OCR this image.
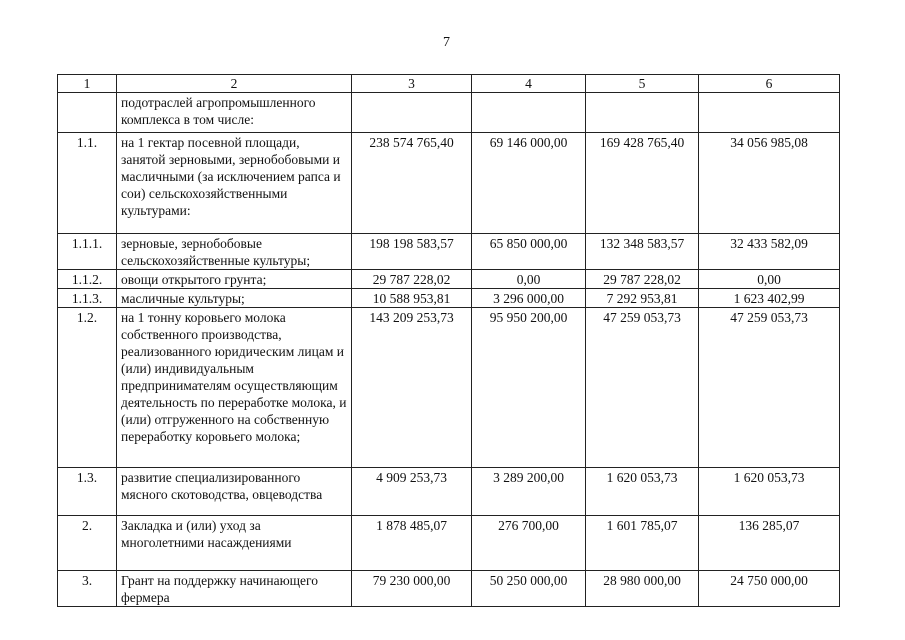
7
1	2	3	4	5	6
	подотраслей агропромышленного комплекса в том числе:				
1.1.	на 1 гектар посевной площади, занятой зерновыми, зернобобовыми и масличными (за исключением рапса и сои) сельскохозяйственными культурами:	238 574 765,40	69 146 000,00	169 428 765,40	34 056 985,08
1.1.1.	зерновые, зернобобовые сельскохозяйственные культуры;	198 198 583,57	65 850 000,00	132 348 583,57	32 433 582,09
1.1.2.	овощи открытого грунта;	29 787 228,02	0,00	29 787 228,02	0,00
1.1.3.	масличные культуры;	10 588 953,81	3 296 000,00	7 292 953,81	1 623 402,99
1.2.	на 1 тонну коровьего молока собственного производства, реализованного юридическим лицам и (или) индивидуальным предпринимателям осуществляющим деятельность по переработке молока, и (или) отгруженного на собственную переработку коровьего молока;	143 209 253,73	95 950 200,00	47 259 053,73	47 259 053,73
1.3.	развитие специализированного мясного скотоводства, овцеводства	4 909 253,73	3 289 200,00	1 620 053,73	1 620 053,73
2.	Закладка и (или) уход за многолетними насаждениями	1 878 485,07	276 700,00	1 601 785,07	136 285,07
3.	Грант на поддержку начинающего фермера	79 230 000,00	50 250 000,00	28 980 000,00	24 750 000,00
